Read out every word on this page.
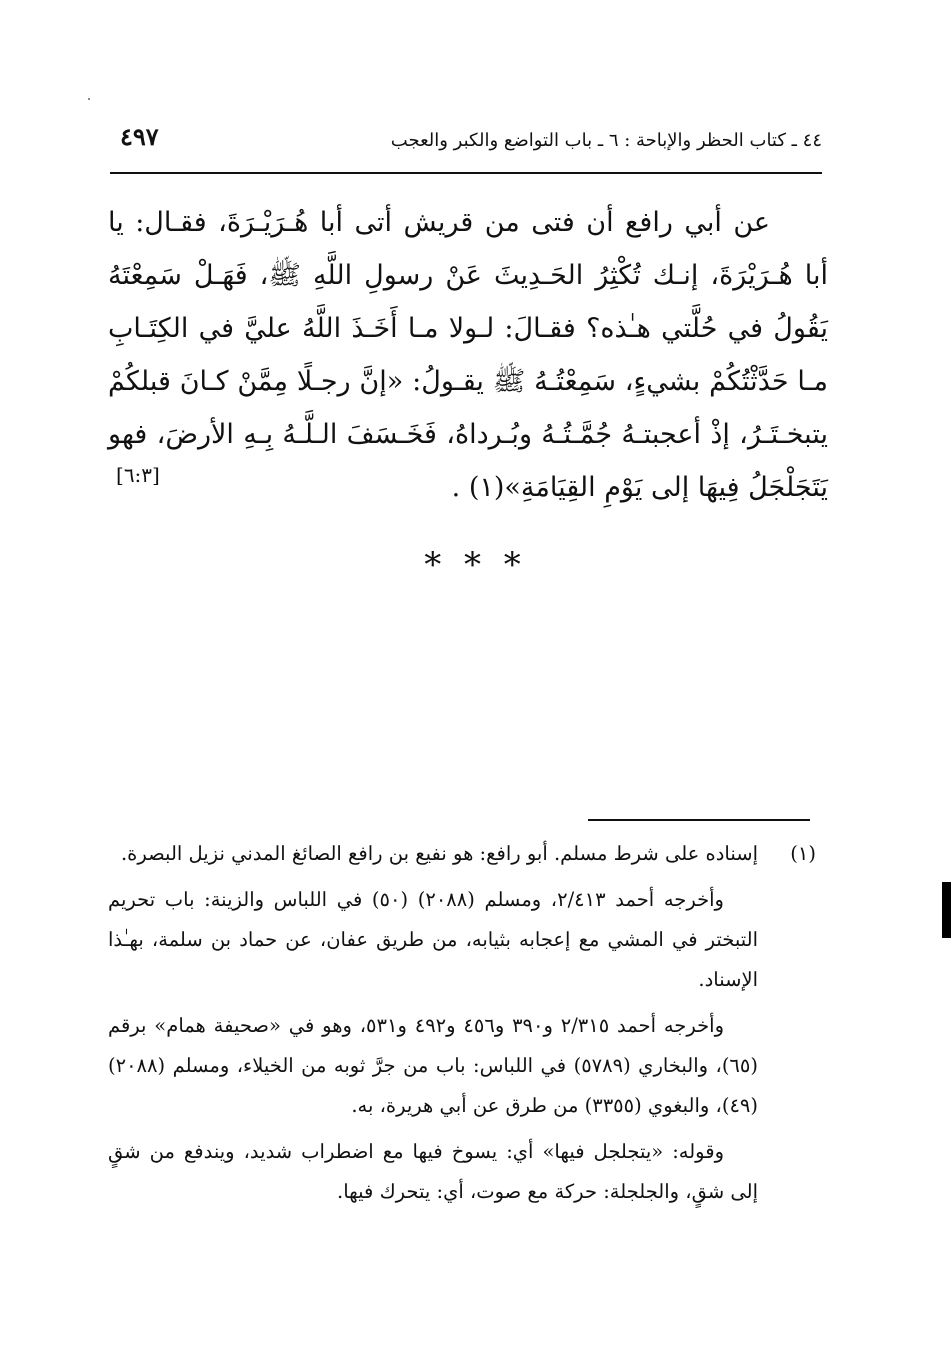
٤٩٧	٤٤ ـ كتاب الحظر والإباحة : ٦ ـ باب التواضع والكبر والعجب

عن أبي رافع أن فتى من قريش أتى أبا هُـرَيْـرَةَ، فقـال: يا أبا هُـرَيْرَةَ، إنـك تُكْثِرُ الحَـدِيثَ عَنْ رسولِ اللَّهِ ﷺ، فَهَـلْ سَمِعْتَهُ يَقُولُ في حُلَّتي هـٰذه؟ فقـالَ: لـولا مـا أَخَـذَ اللَّهُ عليَّ في الكِتَـابِ مـا حَدَّثْتُكُمْ بشيءٍ، سَمِعْتُـهُ ﷺ يقـولُ: «إنَّ رجـلًا مِمَّنْ كـانَ قبلكُمْ يتبخـتَـرُ، إذْ أعجبتـهُ جُمَّـتُـهُ وبُـرداهُ، فَخَـسَفَ الـلَّـهُ بِـهِ الأرضَ، فهو يَتَجَلْجَلُ فِيهَا إلى يَوْمِ القِيَامَةِ»(١) .

[٦:٣]
* * *
(١)

إسناده على شرط مسلم. أبو رافع: هو نفيع بن رافع الصائغ المدني نزيل البصرة.

وأخرجه أحمد ٢/٤١٣، ومسلم (٢٠٨٨) (٥٠) في اللباس والزينة: باب تحريم التبختر في المشي مع إعجابه بثيابه، من طريق عفان، عن حماد بن سلمة، بهـٰذا الإسناد.

وأخرجه أحمد ٢/٣١٥ و٣٩٠ و٤٥٦ و٤٩٢ و٥٣١، وهو في «صحيفة همام» برقم (٦٥)، والبخاري (٥٧٨٩) في اللباس: باب من جرَّ ثوبه من الخيلاء، ومسلم (٢٠٨٨) (٤٩)، والبغوي (٣٣٥٥) من طرق عن أبي هريرة، به.

وقوله: «يتجلجل فيها» أي: يسوخ فيها مع اضطراب شديد، ويندفع من شقٍ إلى شقٍ، والجلجلة: حركة مع صوت، أي: يتحرك فيها.
